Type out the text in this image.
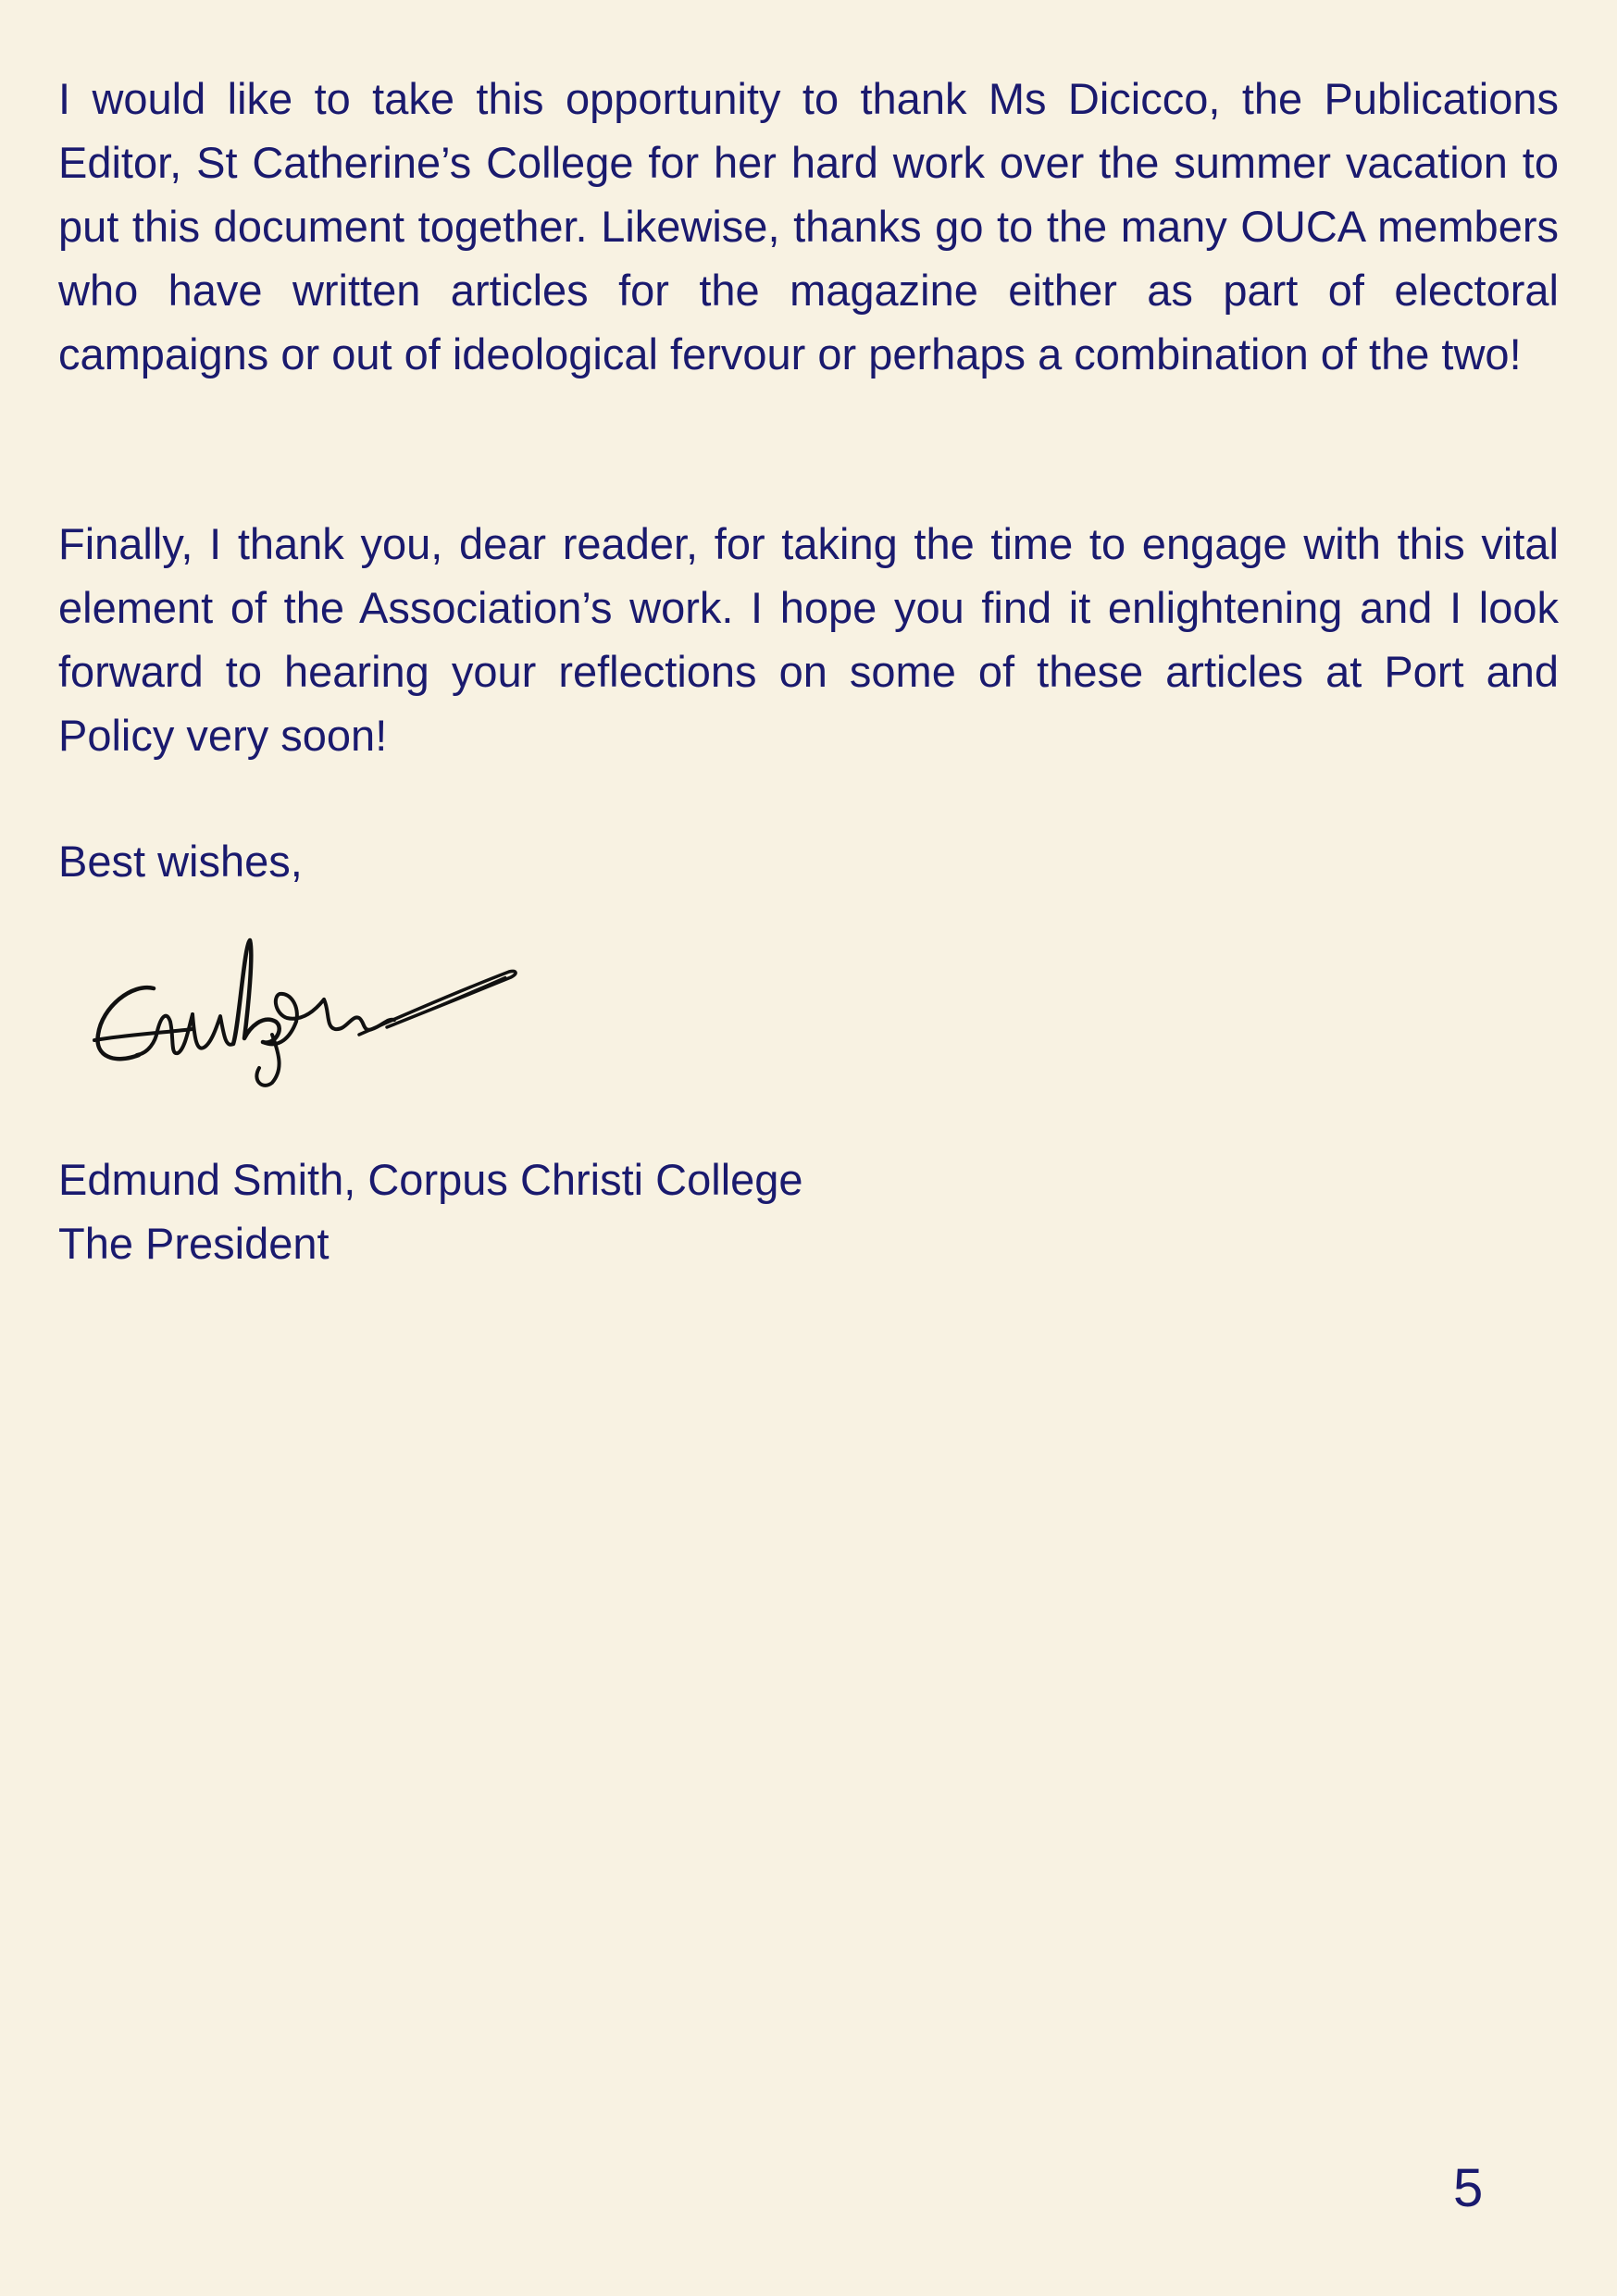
I would like to take this opportunity to thank Ms Dicicco, the Publications Editor, St Catherine’s College for her hard work over the summer vacation to put this document together. Likewise, thanks go to the many OUCA members who have written articles for the magazine either as part of electoral campaigns or out of ideological fervour or perhaps a combination of the two!

Finally, I thank you, dear reader, for taking the time to engage with this vital element of the Association’s work. I hope you find it enlightening and I look forward to hearing your reflections on some of these articles at Port and Policy very soon!

Best wishes,

Edmund Smith, Corpus Christi College

The President

5
